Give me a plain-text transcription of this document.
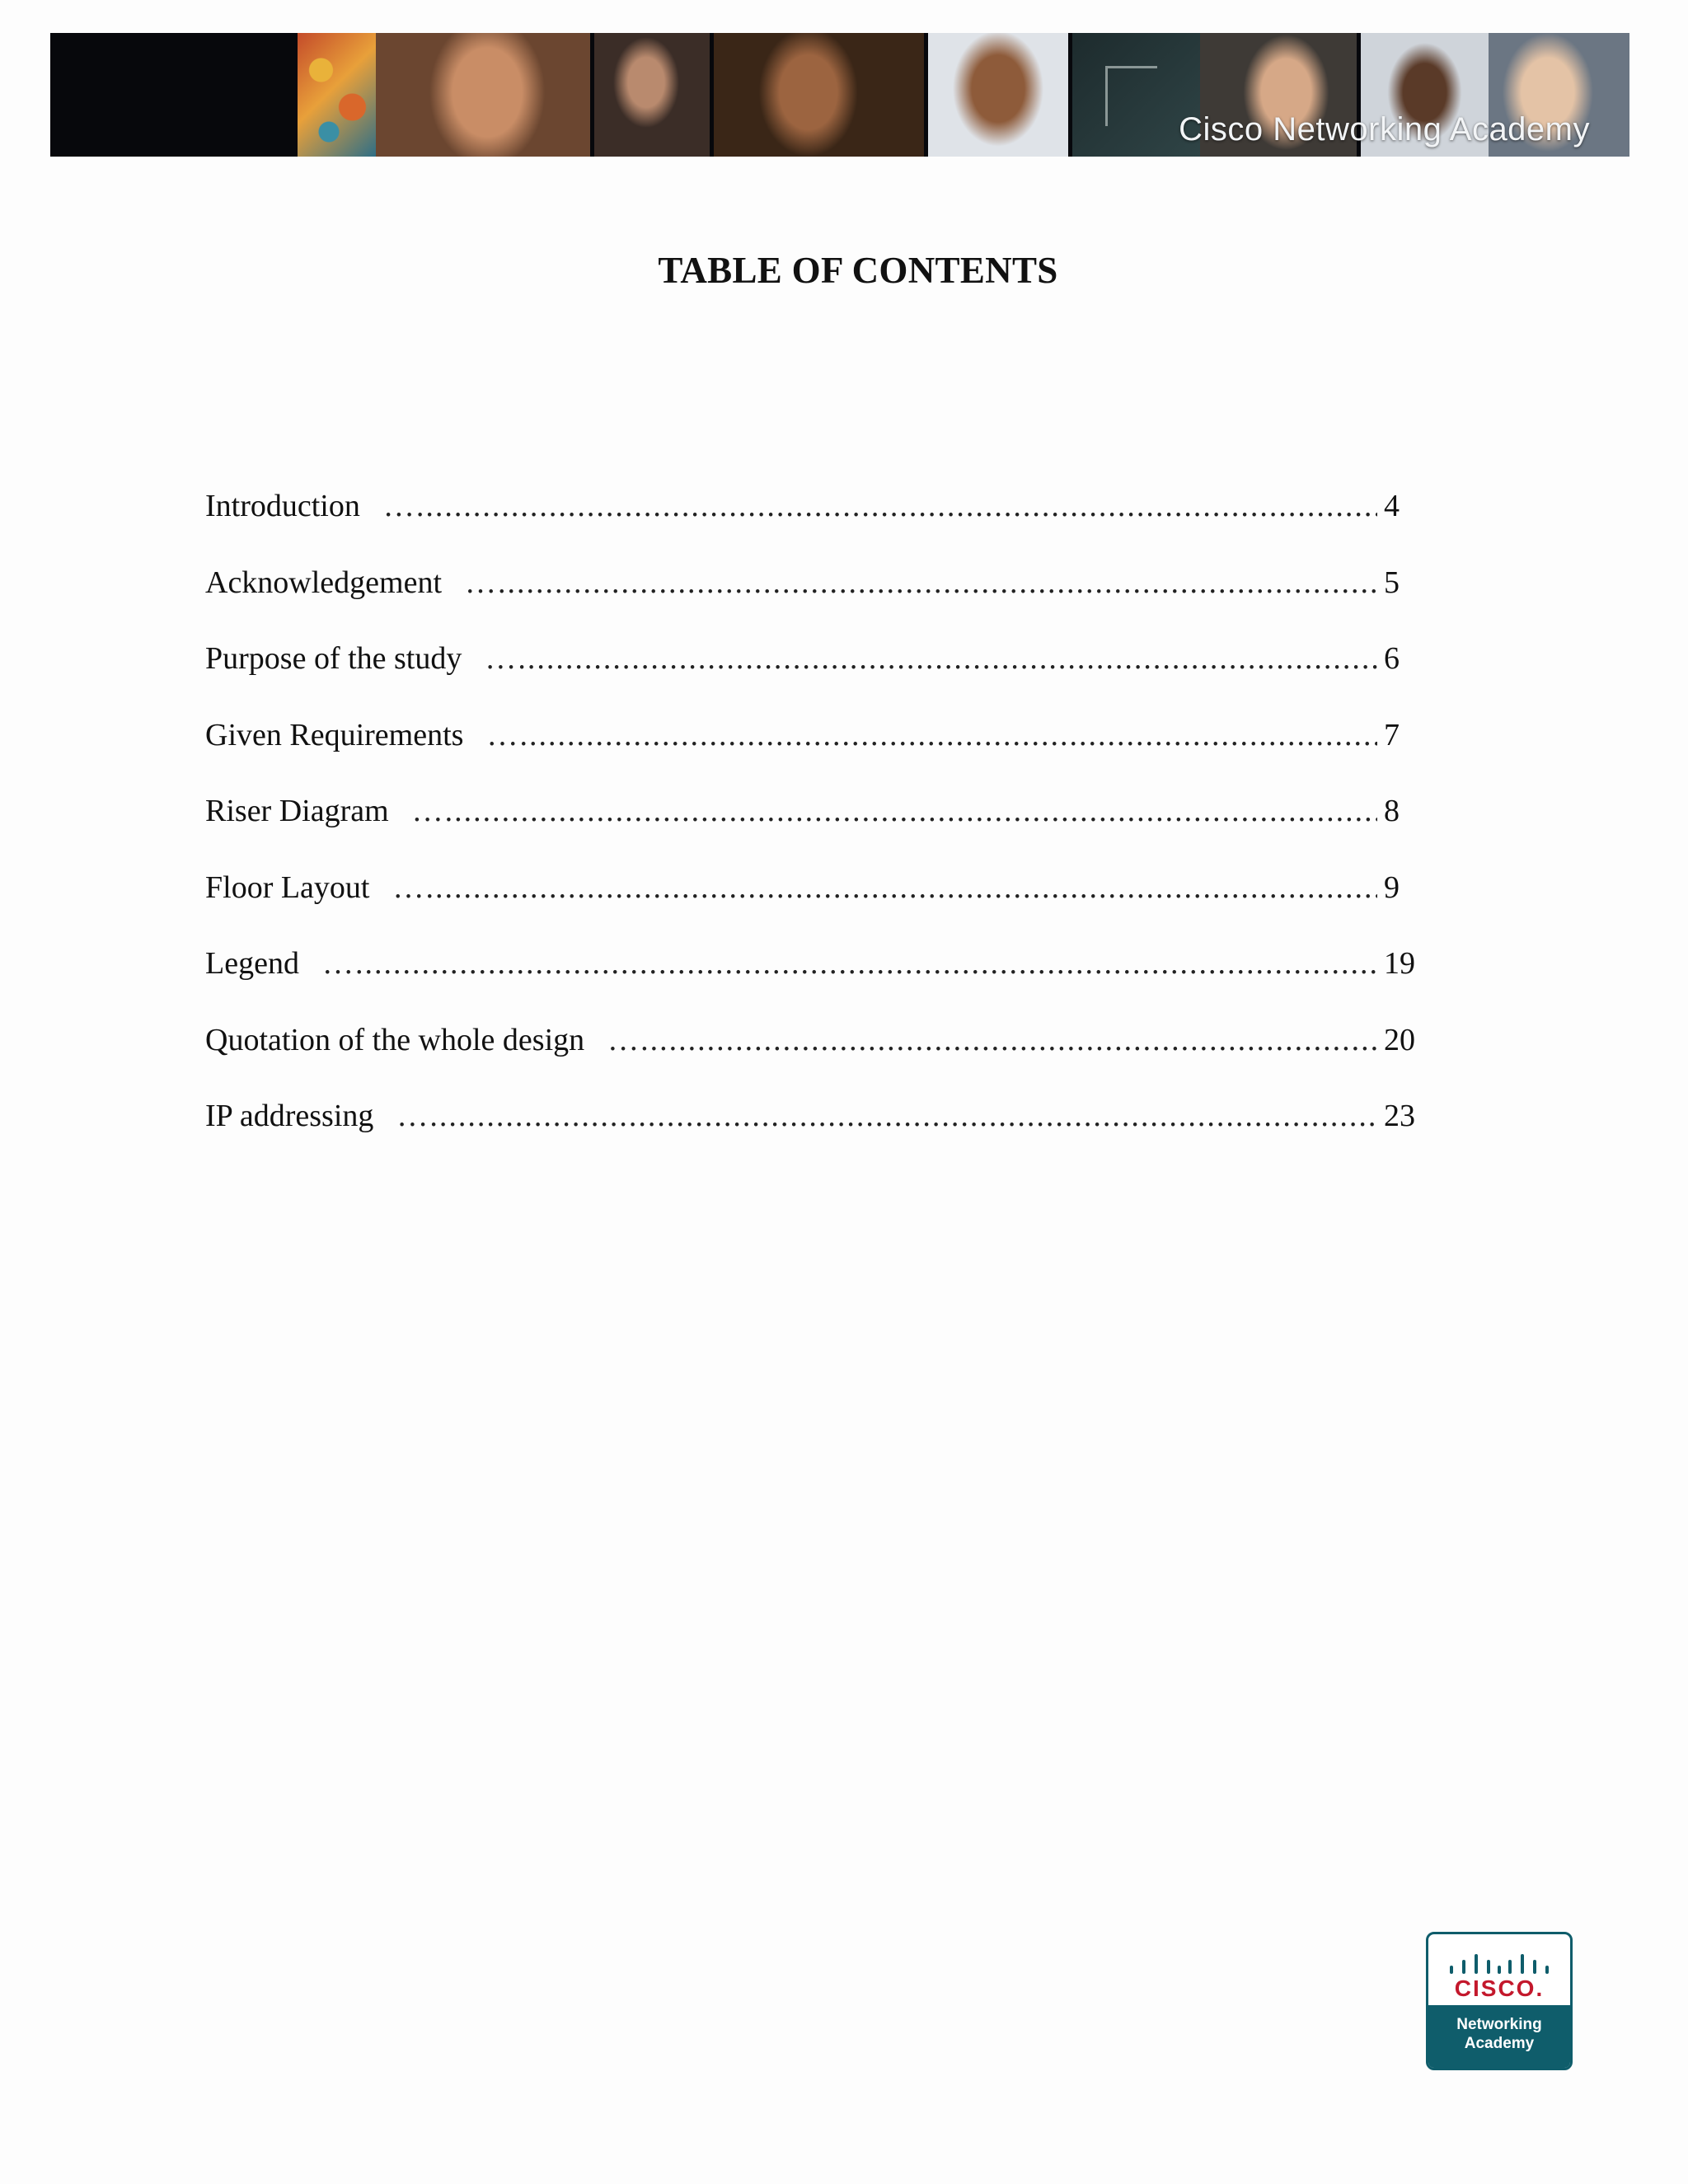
Cisco Networking Academy
TABLE OF CONTENTS
Introduction …..........................................................................................................................................................................................................................................................................................................................................	4
Acknowledgement …..........................................................................................................................................................................................................................................................................................................................................	5
Purpose of the study …..........................................................................................................................................................................................................................................................................................................................................	6
Given Requirements …..........................................................................................................................................................................................................................................................................................................................................	7
Riser Diagram …..........................................................................................................................................................................................................................................................................................................................................	8
Floor Layout …..........................................................................................................................................................................................................................................................................................................................................	9
Legend …..........................................................................................................................................................................................................................................................................................................................................	19
Quotation of the whole design …..........................................................................................................................................................................................................................................................................................................................................	20
IP addressing …..........................................................................................................................................................................................................................................................................................................................................	23
CISCO.
Networking
Academy
